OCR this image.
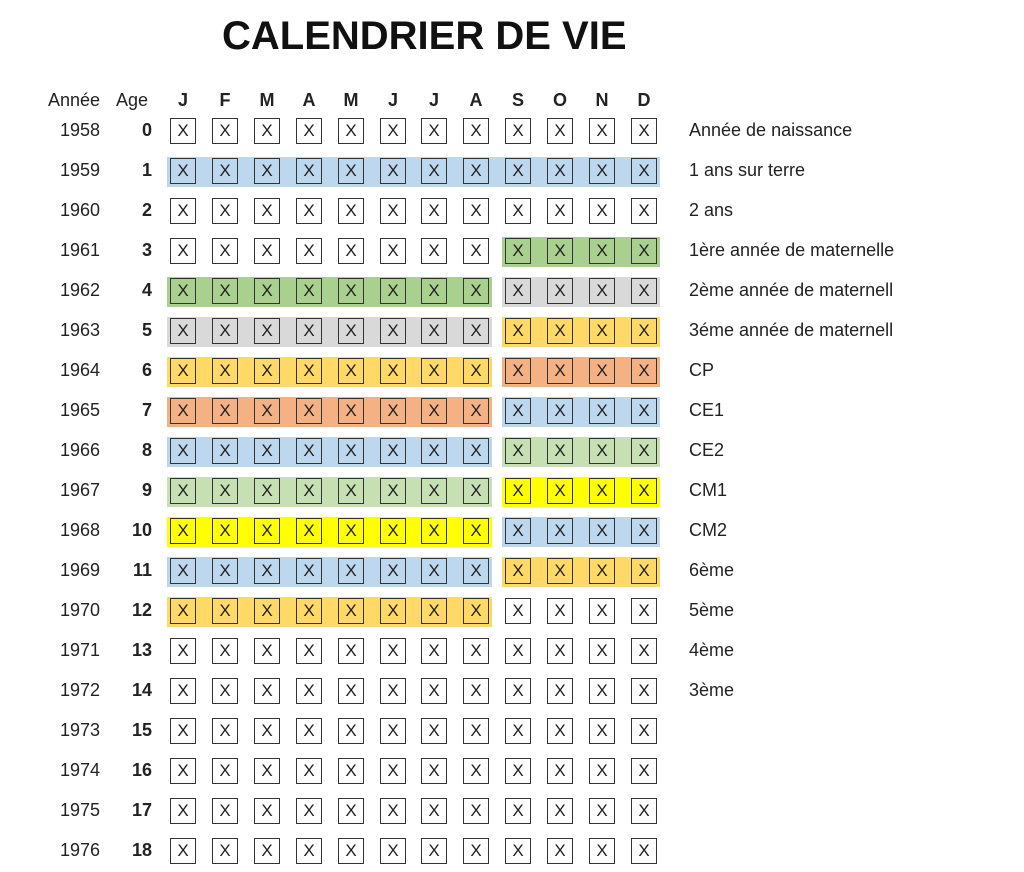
CALENDRIER DE VIE
Année Age	J	F	M	A	M	J	J	A	S	O	N	D
1958	0	X	X	X	X	X	X	X	X	X	X	X	X	Année de naissance
1959	1	X	X	X	X	X	X	X	X	X	X	X	X	1 ans sur terre
1960	2	X	X	X	X	X	X	X	X	X	X	X	X	2 ans
1961	3	X	X	X	X	X	X	X	X	X	X	X	X	1ère année de maternelle
1962	4	X	X	X	X	X	X	X	X	X	X	X	X	2ème année de maternell
1963	5	X	X	X	X	X	X	X	X	X	X	X	X	3éme année de maternell
1964	6	X	X	X	X	X	X	X	X	X	X	X	X	CP
1965	7	X	X	X	X	X	X	X	X	X	X	X	X	CE1
1966	8	X	X	X	X	X	X	X	X	X	X	X	X	CE2
1967	9	X	X	X	X	X	X	X	X	X	X	X	X	CM1
1968	10	X	X	X	X	X	X	X	X	X	X	X	X	CM2
1969	11	X	X	X	X	X	X	X	X	X	X	X	X	6ème
1970	12	X	X	X	X	X	X	X	X	X	X	X	X	5ème
1971	13	X	X	X	X	X	X	X	X	X	X	X	X	4ème
1972	14	X	X	X	X	X	X	X	X	X	X	X	X	3ème
1973	15	X	X	X	X	X	X	X	X	X	X	X	X
1974	16	X	X	X	X	X	X	X	X	X	X	X	X
1975	17	X	X	X	X	X	X	X	X	X	X	X	X
1976	18	X	X	X	X	X	X	X	X	X	X	X	X
